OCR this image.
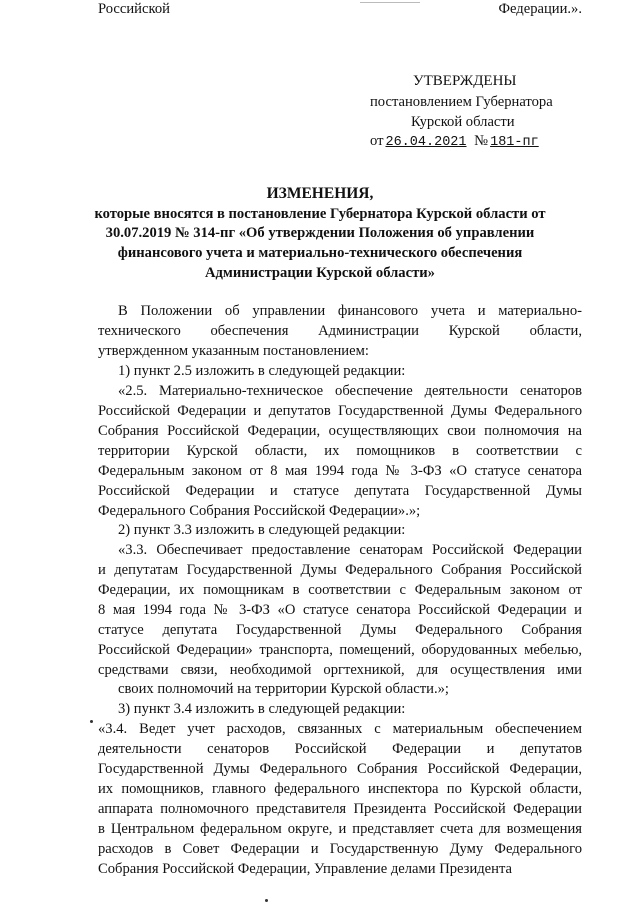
УТВЕРЖДЕНЫ
постановлением Губернатора
Курской области
от 26.04.2021 № 181-пг
ИЗМЕНЕНИЯ,
которые вносятся в постановление Губернатора Курской области от
30.07.2019 № 314-пг «Об утверждении Положения об управлении
финансового учета и материально-технического обеспечения
Администрации Курской области»
В Положении об управлении финансового учета и материально-
технического обеспечения Администрации Курской области,
утвержденном указанным постановлением:
1) пункт 2.5 изложить в следующей редакции:
«2.5. Материально-техническое обеспечение деятельности сенаторов
Российской Федерации и депутатов Государственной Думы Федерального
Собрания Российской Федерации, осуществляющих свои полномочия на
территории Курской области, их помощников в соответствии с
Федеральным законом от 8 мая 1994 года № 3-ФЗ «О статусе сенатора
Российской Федерации и статусе депутата Государственной Думы
Федерального Собрания Российской Федерации».»;
2) пункт 3.3 изложить в следующей редакции:
«3.3. Обеспечивает предоставление сенаторам Российской Федерации
и депутатам Государственной Думы Федерального Собрания Российской
Федерации, их помощникам в соответствии с Федеральным законом от
8 мая 1994 года № 3-ФЗ «О статусе сенатора Российской Федерации и
статусе депутата Государственной Думы Федерального Собрания
Российской Федерации» транспорта, помещений, оборудованных мебелью,
средствами связи, необходимой оргтехникой, для осуществления ими
своих полномочий на территории Курской области.»;
3) пункт 3.4 изложить в следующей редакции:
«3.4. Ведет учет расходов, связанных с материальным обеспечением
деятельности сенаторов Российской Федерации и депутатов
Государственной Думы Федерального Собрания Российской Федерации,
их помощников, главного федерального инспектора по Курской области,
аппарата полномочного представителя Президента Российской Федерации
в Центральном федеральном округе, и представляет счета для возмещения
расходов в Совет Федерации и Государственную Думу Федерального
Собрания Российской Федерации, Управление делами Президента
Российской Федерации.».
